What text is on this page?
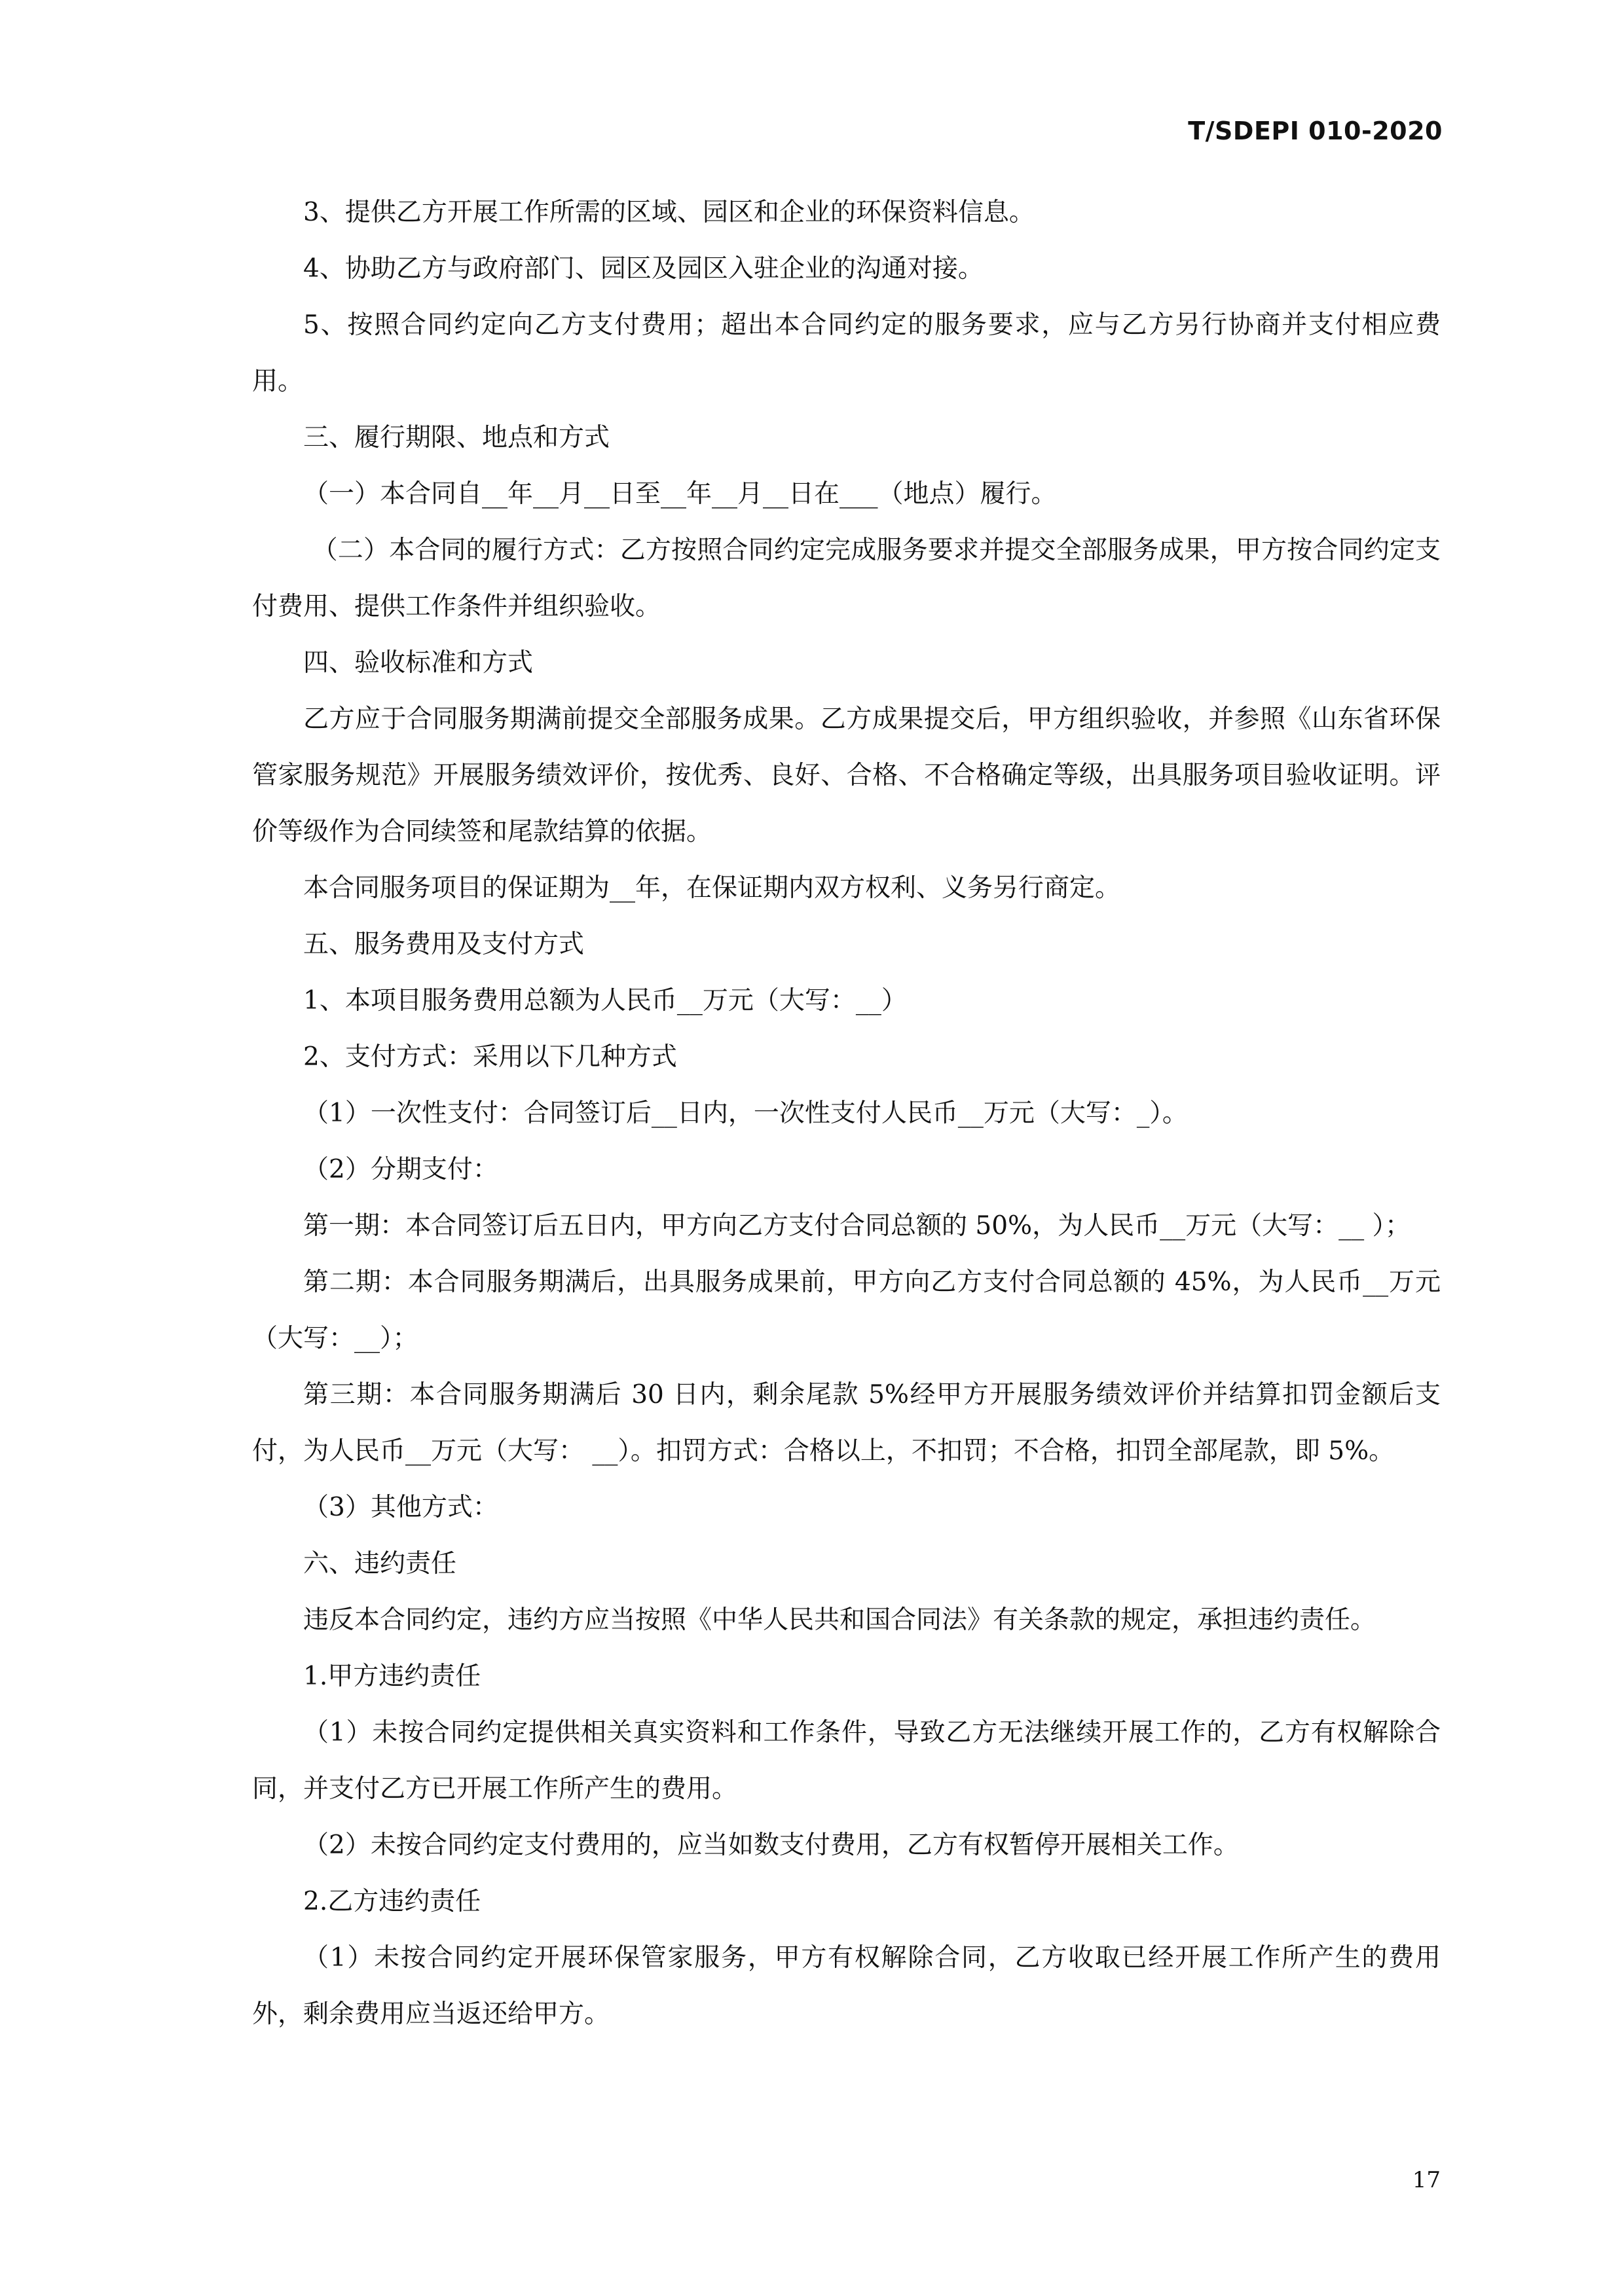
T/SDEPI 010-2020

3、提供乙方开展工作所需的区域、园区和企业的环保资料信息。

4、协助乙方与政府部门、园区及园区入驻企业的沟通对接。

5、按照合同约定向乙方支付费用；超出本合同约定的服务要求，应与乙方另行协商并支付相应费用。

三、履行期限、地点和方式

（一）本合同自__年__月__日至__年__月__日在___（地点）履行。

（二）本合同的履行方式：乙方按照合同约定完成服务要求并提交全部服务成果，甲方按合同约定支付费用、提供工作条件并组织验收。

四、验收标准和方式

乙方应于合同服务期满前提交全部服务成果。乙方成果提交后，甲方组织验收，并参照《山东省环保管家服务规范》开展服务绩效评价，按优秀、良好、合格、不合格确定等级，出具服务项目验收证明。评价等级作为合同续签和尾款结算的依据。

本合同服务项目的保证期为__年，在保证期内双方权利、义务另行商定。

五、服务费用及支付方式

1、本项目服务费用总额为人民币__万元（大写：__）

2、支付方式：采用以下几种方式

（1）一次性支付：合同签订后__日内，一次性支付人民币__万元（大写：_）。

（2）分期支付：

第一期：本合同签订后五日内，甲方向乙方支付合同总额的 50%，为人民币__万元（大写：__ ）；

第二期：本合同服务期满后，出具服务成果前，甲方向乙方支付合同总额的 45%，为人民币__万元（大写：__）；

第三期：本合同服务期满后 30 日内，剩余尾款 5%经甲方开展服务绩效评价并结算扣罚金额后支付，为人民币__万元（大写： __）。扣罚方式：合格以上，不扣罚；不合格，扣罚全部尾款，即 5%。

（3）其他方式：

六、违约责任

违反本合同约定，违约方应当按照《中华人民共和国合同法》有关条款的规定，承担违约责任。

1.甲方违约责任

（1）未按合同约定提供相关真实资料和工作条件，导致乙方无法继续开展工作的，乙方有权解除合同，并支付乙方已开展工作所产生的费用。

（2）未按合同约定支付费用的，应当如数支付费用，乙方有权暂停开展相关工作。

2.乙方违约责任

（1）未按合同约定开展环保管家服务，甲方有权解除合同，乙方收取已经开展工作所产生的费用外，剩余费用应当返还给甲方。

17
